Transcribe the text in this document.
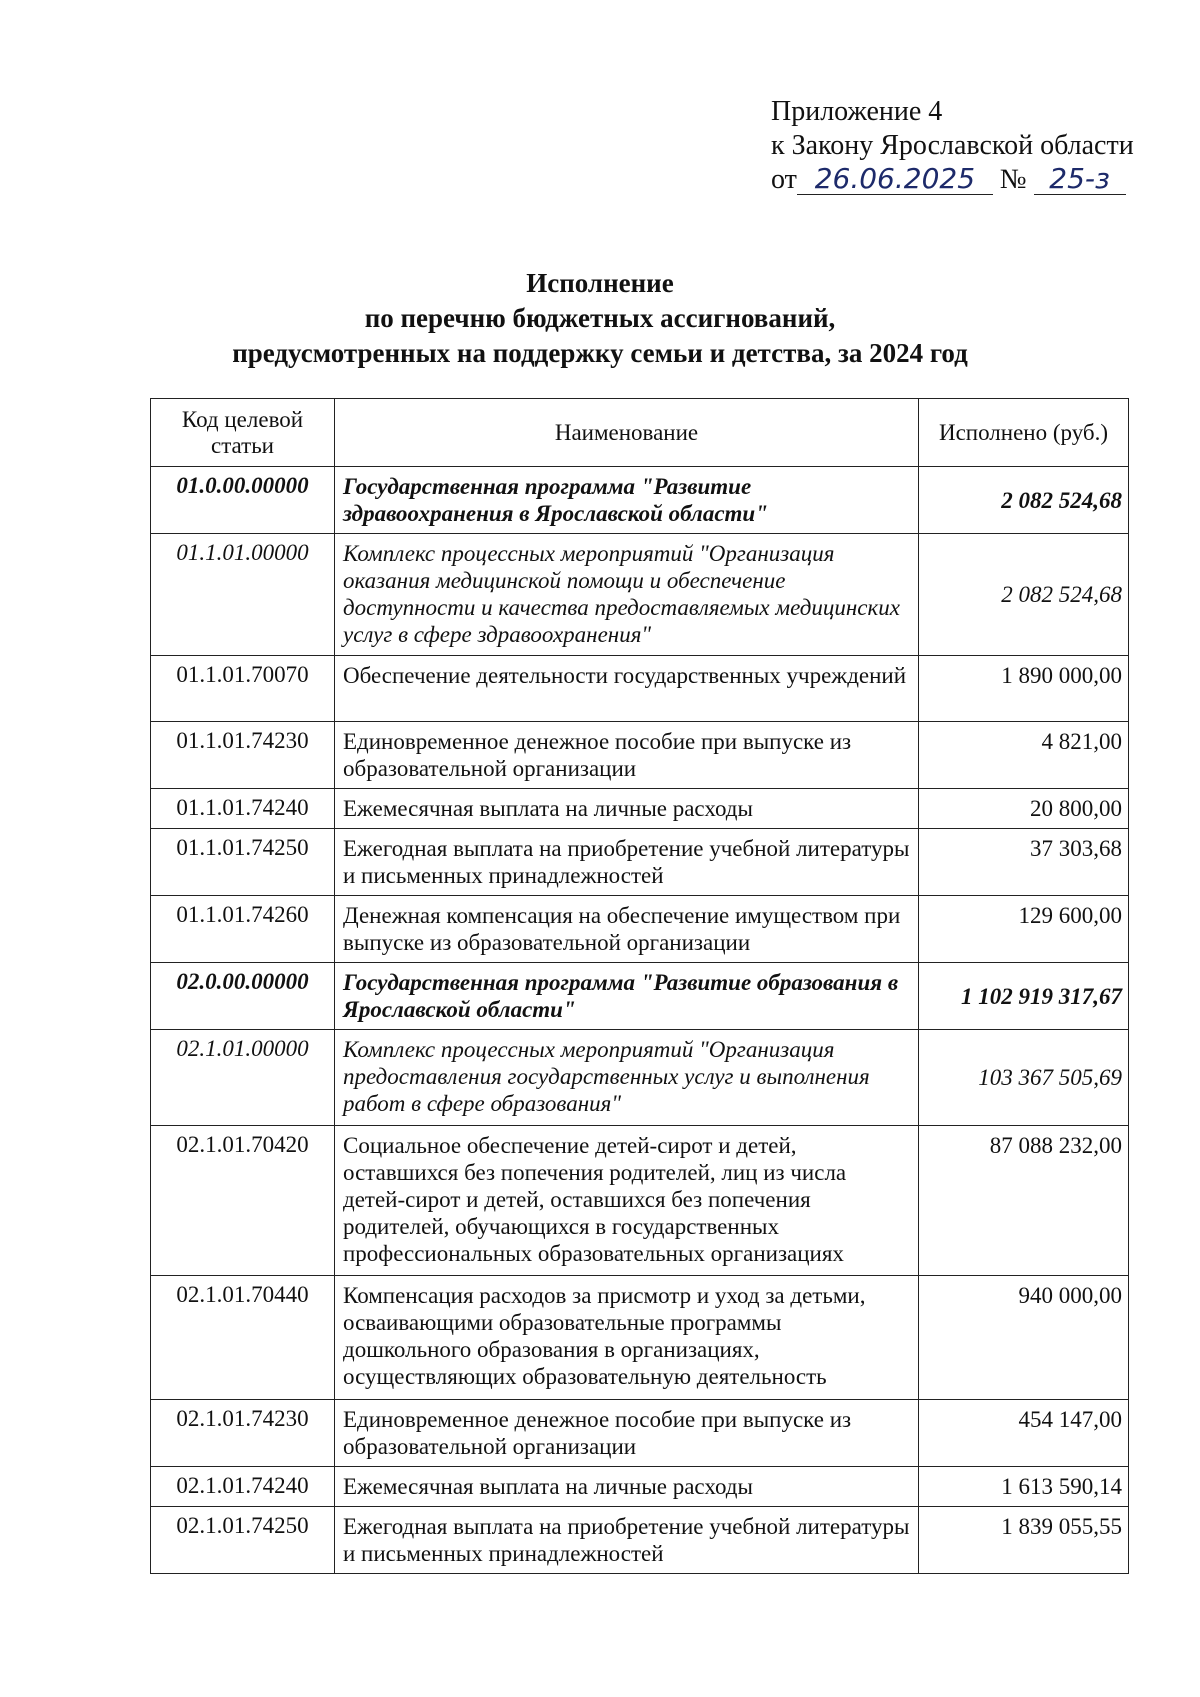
Приложение 4
к Закону Ярославской области
от 26.06.2025 № 25-з
Исполнение
по перечню бюджетных ассигнований,
предусмотренных на поддержку семьи и детства, за 2024 год
Код целевой статьи	Наименование	Исполнено (руб.)
01.0.00.00000	Государственная программа "Развитие здравоохранения в Ярославской области"	2 082 524,68
01.1.01.00000	Комплекс процессных мероприятий "Организация оказания медицинской помощи и обеспечение доступности и качества предоставляемых медицинских услуг в сфере здравоохранения"	2 082 524,68
01.1.01.70070	Обеспечение деятельности государственных учреждений	1 890 000,00
01.1.01.74230	Единовременное денежное пособие при выпуске из образовательной организации	4 821,00
01.1.01.74240	Ежемесячная выплата на личные расходы	20 800,00
01.1.01.74250	Ежегодная выплата на приобретение учебной литературы и письменных принадлежностей	37 303,68
01.1.01.74260	Денежная компенсация на обеспечение имуществом при выпуске из образовательной организации	129 600,00
02.0.00.00000	Государственная программа "Развитие образования в Ярославской области"	1 102 919 317,67
02.1.01.00000	Комплекс процессных мероприятий "Организация предоставления государственных услуг и выполнения работ в сфере образования"	103 367 505,69
02.1.01.70420	Социальное обеспечение детей-сирот и детей, оставшихся без попечения родителей, лиц из числа детей-сирот и детей, оставшихся без попечения родителей, обучающихся в государственных профессиональных образовательных организациях	87 088 232,00
02.1.01.70440	Компенсация расходов за присмотр и уход за детьми, осваивающими образовательные программы дошкольного образования в организациях, осуществляющих образовательную деятельность	940 000,00
02.1.01.74230	Единовременное денежное пособие при выпуске из образовательной организации	454 147,00
02.1.01.74240	Ежемесячная выплата на личные расходы	1 613 590,14
02.1.01.74250	Ежегодная выплата на приобретение учебной литературы и письменных принадлежностей	1 839 055,55
